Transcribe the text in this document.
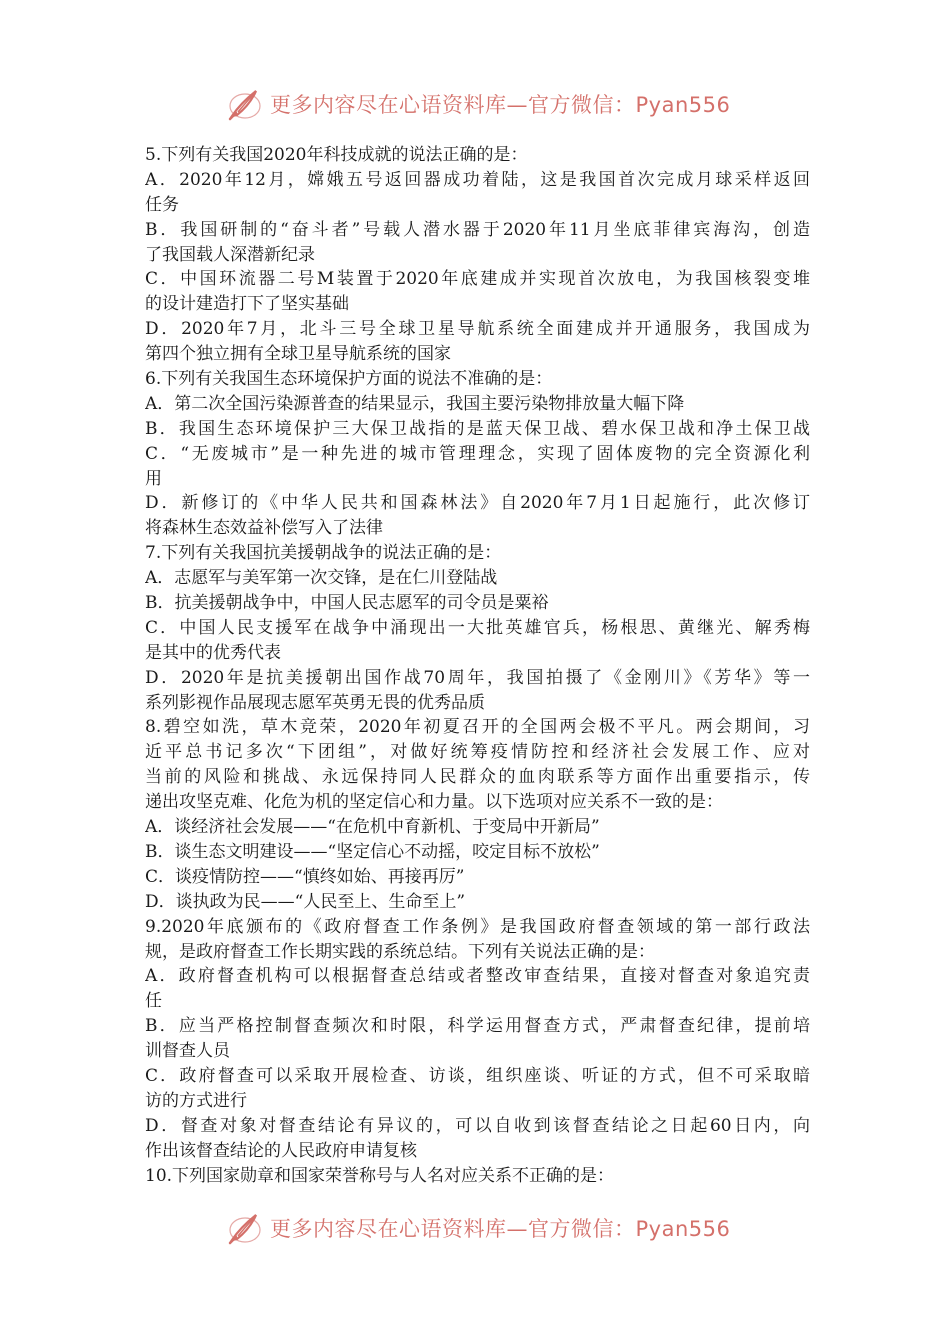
更多内容尽在心语资料库—官方微信：Pyan556
5.下列有关我国2020年科技成就的说法正确的是：
A．2020年12月，嫦娥五号返回器成功着陆，这是我国首次完成月球采样返回
任务
B．我国研制的“奋斗者”号载人潜水器于2020年11月坐底菲律宾海沟，创造
了我国载人深潜新纪录
C．中国环流器二号M装置于2020年底建成并实现首次放电，为我国核裂变堆
的设计建造打下了坚实基础
D．2020年7月，北斗三号全球卫星导航系统全面建成并开通服务，我国成为
第四个独立拥有全球卫星导航系统的国家
6.下列有关我国生态环境保护方面的说法不准确的是：
A．第二次全国污染源普查的结果显示，我国主要污染物排放量大幅下降
B．我国生态环境保护三大保卫战指的是蓝天保卫战、碧水保卫战和净土保卫战
C．“无废城市”是一种先进的城市管理理念，实现了固体废物的完全资源化利
用
D．新修订的《中华人民共和国森林法》自2020年7月1日起施行，此次修订
将森林生态效益补偿写入了法律
7.下列有关我国抗美援朝战争的说法正确的是：
A．志愿军与美军第一次交锋，是在仁川登陆战
B．抗美援朝战争中，中国人民志愿军的司令员是粟裕
C．中国人民支援军在战争中涌现出一大批英雄官兵，杨根思、黄继光、解秀梅
是其中的优秀代表
D．2020年是抗美援朝出国作战70周年，我国拍摄了《金刚川》《芳华》等一
系列影视作品展现志愿军英勇无畏的优秀品质
8.碧空如洗，草木竞荣，2020年初夏召开的全国两会极不平凡。两会期间，习
近平总书记多次“下团组”，对做好统筹疫情防控和经济社会发展工作、应对
当前的风险和挑战、永远保持同人民群众的血肉联系等方面作出重要指示，传
递出攻坚克难、化危为机的坚定信心和力量。以下选项对应关系不一致的是：
A．谈经济社会发展——“在危机中育新机、于变局中开新局”
B．谈生态文明建设——“坚定信心不动摇，咬定目标不放松”
C．谈疫情防控——“慎终如始、再接再厉”
D．谈执政为民——“人民至上、生命至上”
9.2020年底颁布的《政府督查工作条例》是我国政府督查领域的第一部行政法
规，是政府督查工作长期实践的系统总结。下列有关说法正确的是：
A．政府督查机构可以根据督查总结或者整改审查结果，直接对督查对象追究责
任
B．应当严格控制督查频次和时限，科学运用督查方式，严肃督查纪律，提前培
训督查人员
C．政府督查可以采取开展检查、访谈，组织座谈、听证的方式，但不可采取暗
访的方式进行
D．督查对象对督查结论有异议的，可以自收到该督查结论之日起60日内，向
作出该督查结论的人民政府申请复核
10.下列国家勋章和国家荣誉称号与人名对应关系不正确的是：
更多内容尽在心语资料库—官方微信：Pyan556
